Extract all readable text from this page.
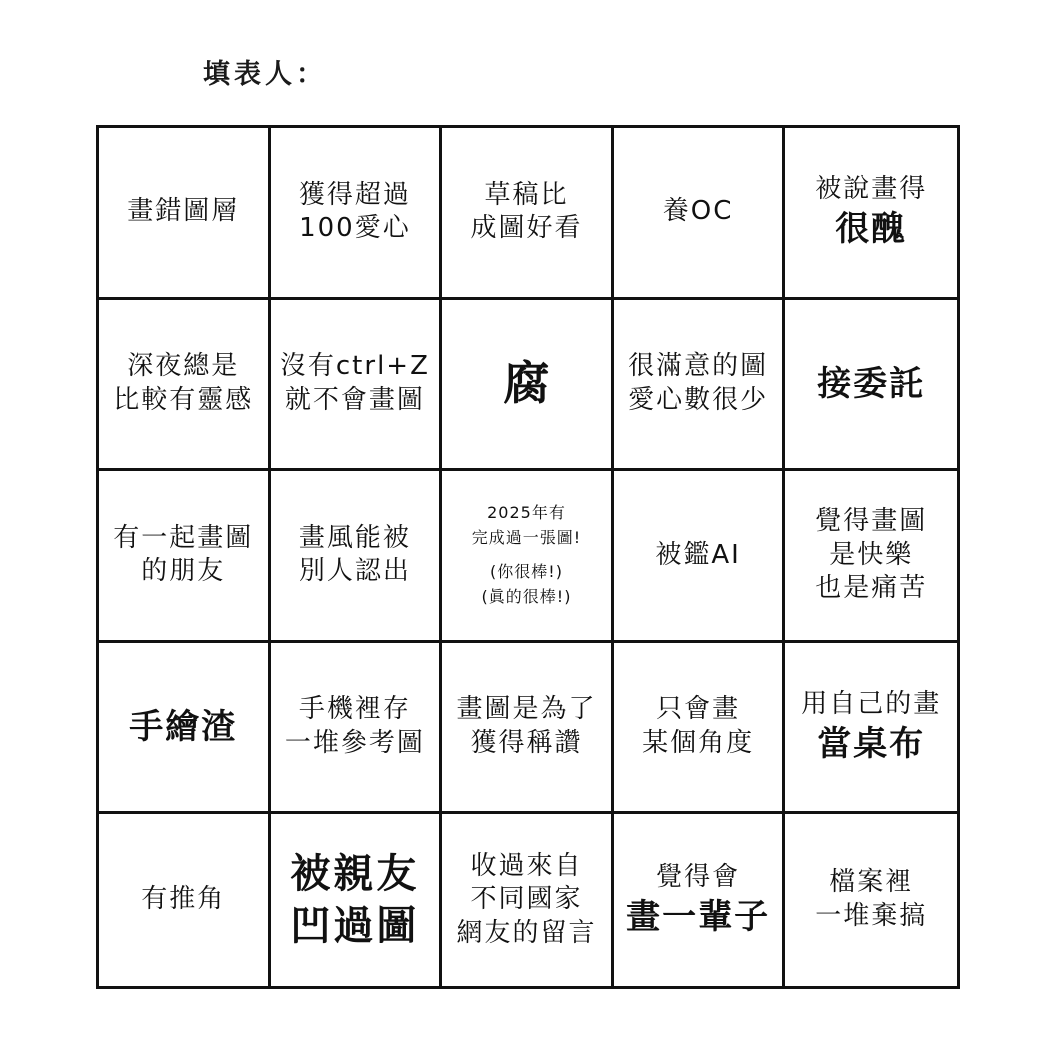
填表人：
畫錯圖層
獲得超過
100愛心
草稿比
成圖好看
養OC
被說畫得
很醜
深夜總是
比較有靈感
沒有ctrl+Z
就不會畫圖 腐	很滿意的圖
愛心數很少 接委託
有一起畫圖
的朋友
畫風能被
別人認出
2025年有
完成過一張圖!
(你很棒!)
(眞的很棒!)
被鑑AI
覺得畫圖
是快樂
也是痛苦
手繪渣 手機裡存
一堆參考圖
畫圖是為了
獲得稱讚
只會畫
某個角度
用自己的畫
當桌布
有推角
被親友
凹過圖
收過來自
不同國家
網友的留言
覺得會
畫一輩子
檔案裡
一堆棄搞
